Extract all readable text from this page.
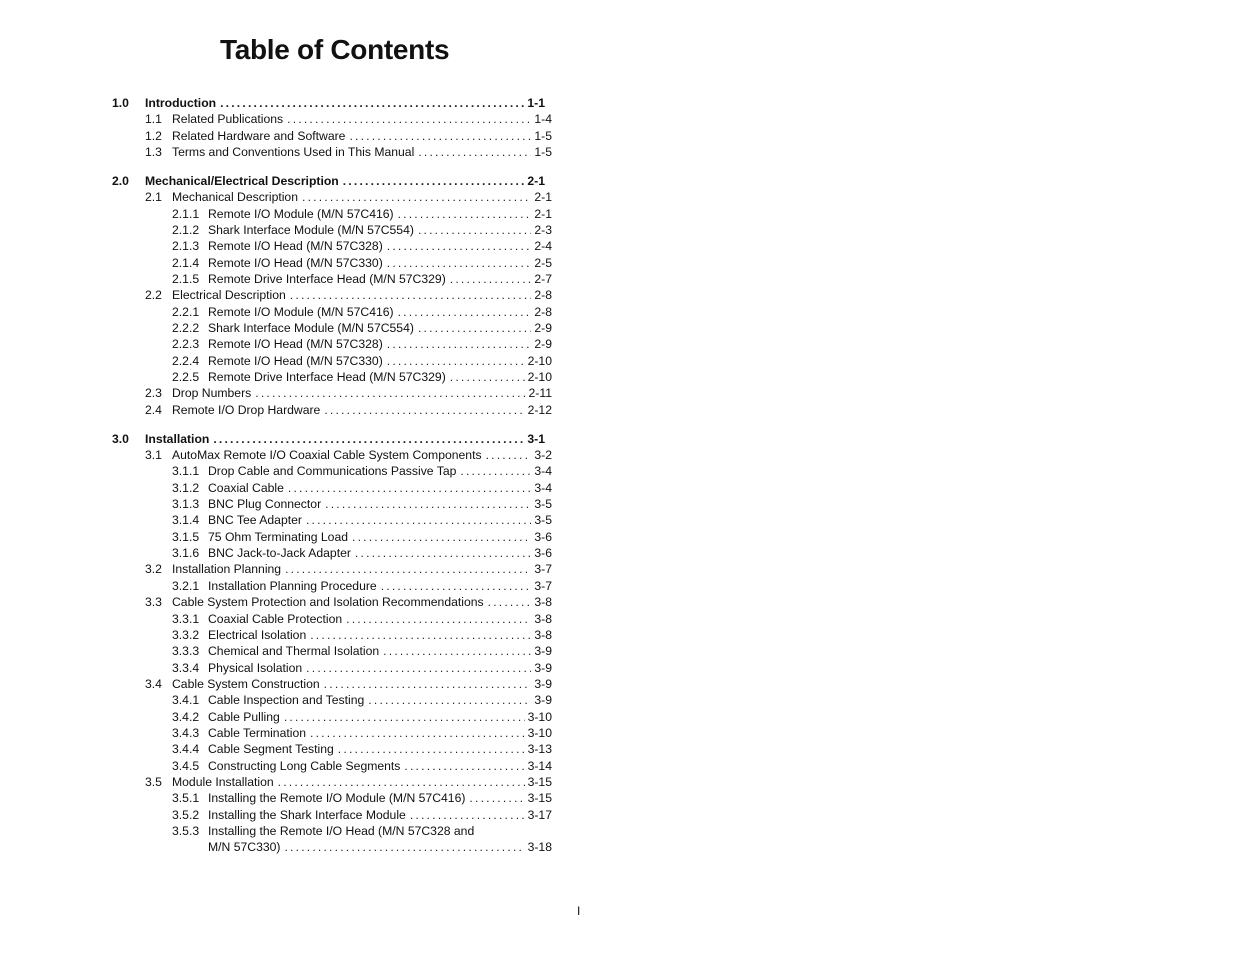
Table of Contents
1.0 Introduction . . .	1-1
1.1 Related Publications . . .	1-4
1.2 Related Hardware and Software . . .	1-5
1.3 Terms and Conventions Used in This Manual . . .	1-5
2.0 Mechanical/Electrical Description . . .	2-1
2.1 Mechanical Description . . .	2-1
2.1.1 Remote I/O Module (M/N 57C416) . . .	2-1
2.1.2 Shark Interface Module (M/N 57C554) . . .	2-3
2.1.3 Remote I/O Head (M/N 57C328) . . .	2-4
2.1.4 Remote I/O Head (M/N 57C330) . . .	2-5
2.1.5 Remote Drive Interface Head (M/N 57C329) . . .	2-7
2.2 Electrical Description . . .	2-8
2.2.1 Remote I/O Module (M/N 57C416) . . .	2-8
2.2.2 Shark Interface Module (M/N 57C554) . . .	2-9
2.2.3 Remote I/O Head (M/N 57C328) . . .	2-9
2.2.4 Remote I/O Head (M/N 57C330) . . .	2-10
2.2.5 Remote Drive Interface Head (M/N 57C329) . . .	2-10
2.3 Drop Numbers . . .	2-11
2.4 Remote I/O Drop Hardware . . .	2-12
3.0 Installation . . .	3-1
3.1 AutoMax Remote I/O Coaxial Cable System Components . . .	3-2
3.1.1 Drop Cable and Communications Passive Tap . . .	3-4
3.1.2 Coaxial Cable . . .	3-4
3.1.3 BNC Plug Connector . . .	3-5
3.1.4 BNC Tee Adapter . . .	3-5
3.1.5 75 Ohm Terminating Load . . .	3-6
3.1.6 BNC Jack-to-Jack Adapter . . .	3-6
3.2 Installation Planning . . .	3-7
3.2.1 Installation Planning Procedure . . .	3-7
3.3 Cable System Protection and Isolation Recommendations . . .	3-8
3.3.1 Coaxial Cable Protection . . .	3-8
3.3.2 Electrical Isolation . . .	3-8
3.3.3 Chemical and Thermal Isolation . . .	3-9
3.3.4 Physical Isolation . . .	3-9
3.4 Cable System Construction . . .	3-9
3.4.1 Cable Inspection and Testing . . .	3-9
3.4.2 Cable Pulling . . .	3-10
3.4.3 Cable Termination . . .	3-10
3.4.4 Cable Segment Testing . . .	3-13
3.4.5 Constructing Long Cable Segments . . .	3-14
3.5 Module Installation . . .	3-15
3.5.1 Installing the Remote I/O Module (M/N 57C416) . . .	3-15
3.5.2 Installing the Shark Interface Module . . .	3-17
3.5.3 Installing the Remote I/O Head (M/N 57C328 and
M/N 57C330) . . .	3-18
I
